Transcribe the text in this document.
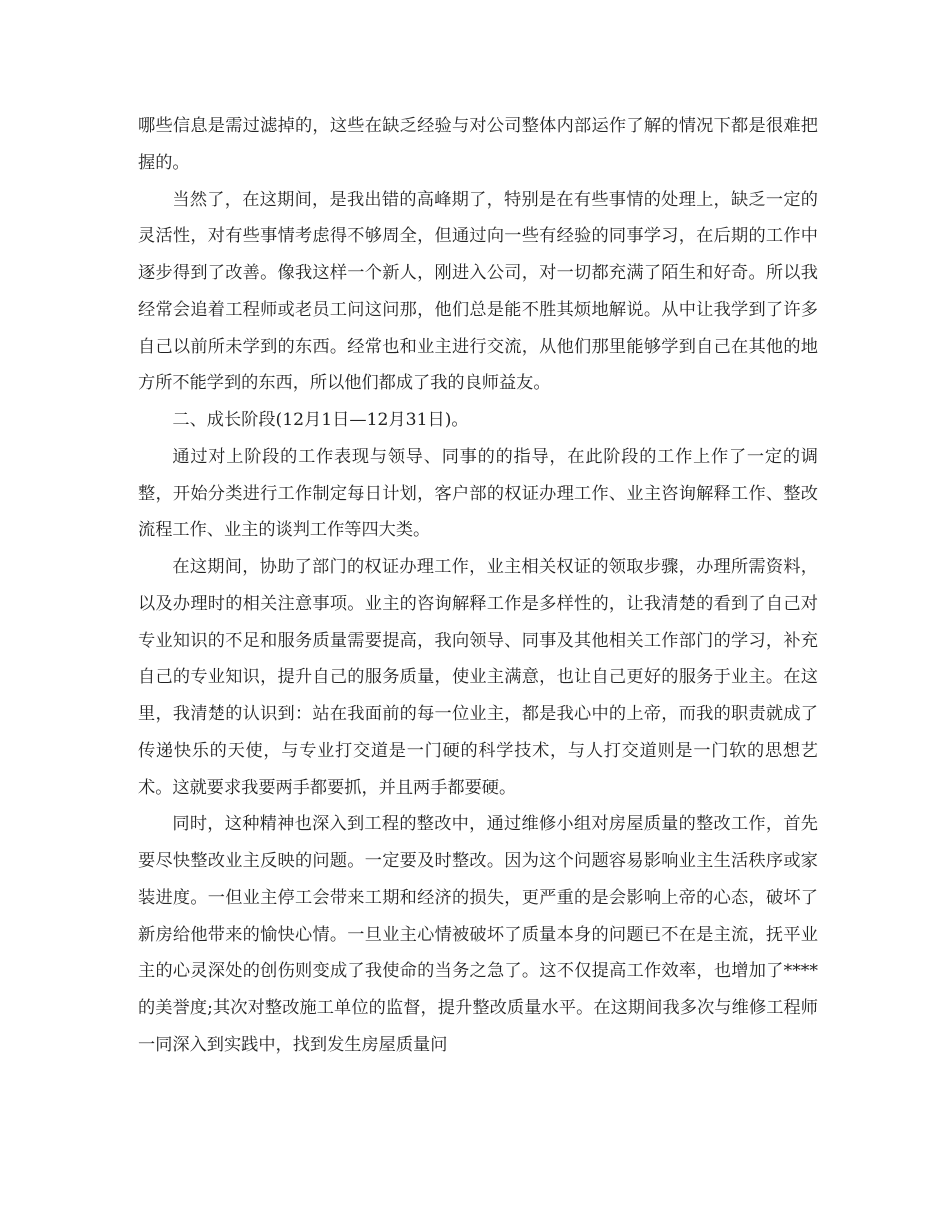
哪些信息是需过滤掉的，这些在缺乏经验与对公司整体内部运作了解的情况下都是很难把握的。

当然了，在这期间，是我出错的高峰期了，特别是在有些事情的处理上，缺乏一定的灵活性，对有些事情考虑得不够周全，但通过向一些有经验的同事学习，在后期的工作中逐步得到了改善。像我这样一个新人，刚进入公司，对一切都充满了陌生和好奇。所以我经常会追着工程师或老员工问这问那，他们总是能不胜其烦地解说。从中让我学到了许多自己以前所未学到的东西。经常也和业主进行交流，从他们那里能够学到自己在其他的地方所不能学到的东西，所以他们都成了我的良师益友。

二、成长阶段(12月1日—12月31日)。

通过对上阶段的工作表现与领导、同事的的指导，在此阶段的工作上作了一定的调整，开始分类进行工作制定每日计划，客户部的权证办理工作、业主咨询解释工作、整改流程工作、业主的谈判工作等四大类。

在这期间，协助了部门的权证办理工作，业主相关权证的领取步骤，办理所需资料，以及办理时的相关注意事项。业主的咨询解释工作是多样性的，让我清楚的看到了自己对专业知识的不足和服务质量需要提高，我向领导、同事及其他相关工作部门的学习，补充自己的专业知识，提升自己的服务质量，使业主满意，也让自己更好的服务于业主。在这里，我清楚的认识到：站在我面前的每一位业主，都是我心中的上帝，而我的职责就成了传递快乐的天使，与专业打交道是一门硬的科学技术，与人打交道则是一门软的思想艺术。这就要求我要两手都要抓，并且两手都要硬。

同时，这种精神也深入到工程的整改中，通过维修小组对房屋质量的整改工作，首先要尽快整改业主反映的问题。一定要及时整改。因为这个问题容易影响业主生活秩序或家装进度。一但业主停工会带来工期和经济的损失，更严重的是会影响上帝的心态，破坏了新房给他带来的愉快心情。一旦业主心情被破坏了质量本身的问题已不在是主流，抚平业主的心灵深处的创伤则变成了我使命的当务之急了。这不仅提高工作效率，也增加了****的美誉度;其次对整改施工单位的监督，提升整改质量水平。在这期间我多次与维修工程师一同深入到实践中，找到发生房屋质量问
